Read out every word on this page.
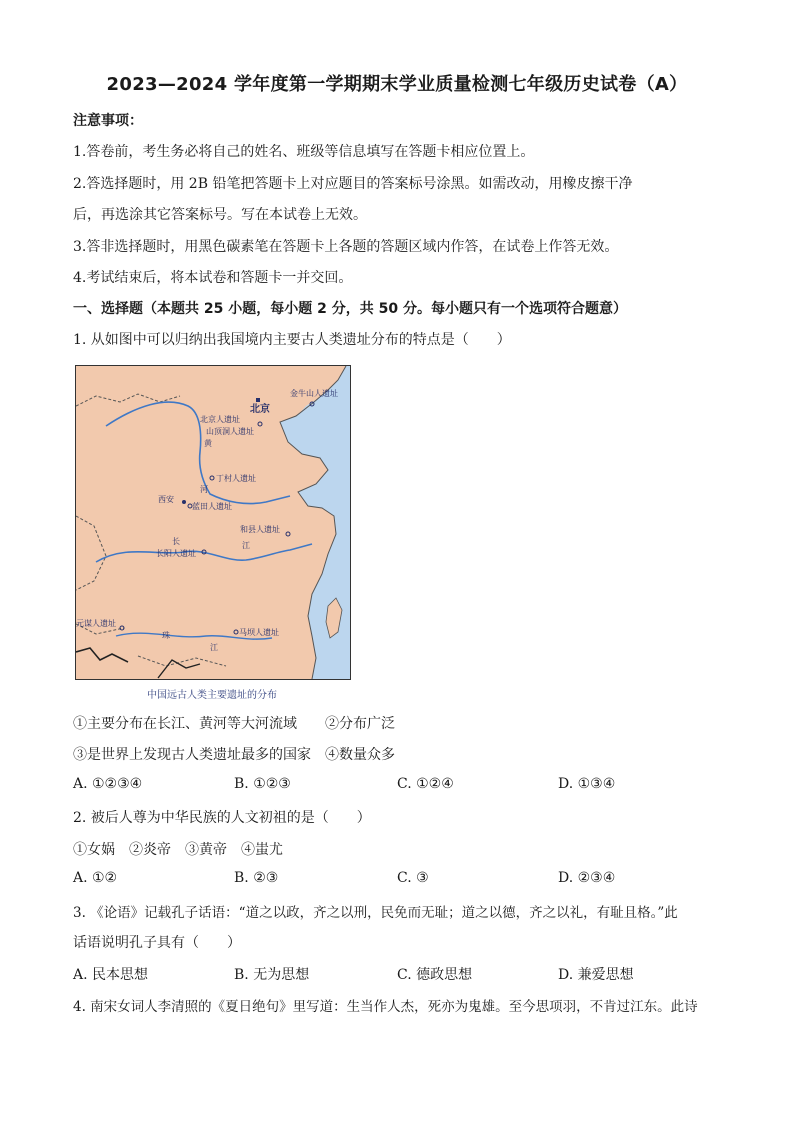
2023—2024 学年度第一学期期末学业质量检测七年级历史试卷（A）
注意事项：
1.答卷前，考生务必将自己的姓名、班级等信息填写在答题卡相应位置上。
2.答选择题时，用 2B 铅笔把答题卡上对应题目的答案标号涂黑。如需改动，用橡皮擦干净
后，再选涂其它答案标号。写在本试卷上无效。
3.答非选择题时，用黑色碳素笔在答题卡上各题的答题区域内作答，在试卷上作答无效。
4.考试结束后，将本试卷和答题卡一并交回。
一、选择题（本题共 25 小题，每小题 2 分，共 50 分。每小题只有一个选项符合题意）
1. 从如图中可以归纳出我国境内主要古人类遗址分布的特点是（　　）
北京
金牛山人遗址
北京人遗址
山顶洞人遗址
丁村人遗址
西安
蓝田人遗址
和县人遗址
长阳人遗址
元谋人遗址
马坝人遗址
黄
河
长	江
珠
江
中国远古人类主要遗址的分布
①主要分布在长江、黄河等大河流域　　②分布广泛
③是世界上发现古人类遗址最多的国家　④数量众多
A. ①②③④	B. ①②③	C. ①②④	D. ①③④
2. 被后人尊为中华民族的人文初祖的是（　　）
①女娲　②炎帝　③黄帝　④蚩尤
A. ①②	B. ②③	C. ③	D. ②③④
3. 《论语》记载孔子话语：“道之以政，齐之以刑，民免而无耻；道之以德，齐之以礼，有耻且格。”此
话语说明孔子具有（　　）
A. 民本思想	B. 无为思想	C. 德政思想	D. 兼爱思想
4. 南宋女词人李清照的《夏日绝句》里写道：生当作人杰，死亦为鬼雄。至今思项羽，不肯过江东。此诗
